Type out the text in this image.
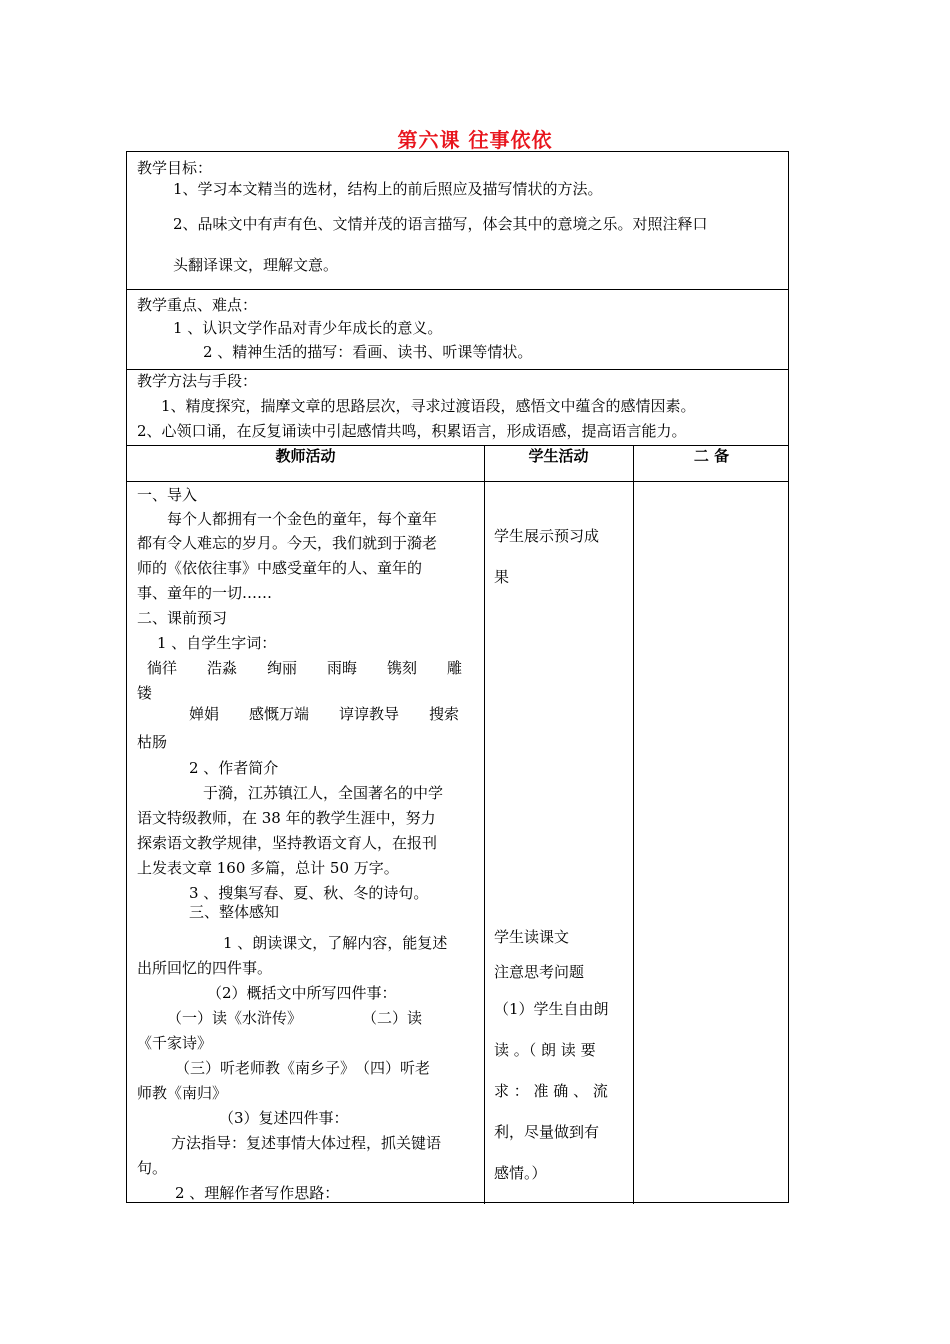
第六课 往事依依
教学目标：
1、学习本文精当的选材，结构上的前后照应及描写情状的方法。
2、品味文中有声有色、文情并茂的语言描写，体会其中的意境之乐。对照注释口
头翻译课文，理解文意。
教学重点、难点：
1 、认识文学作品对青少年成长的意义。
2 、精神生活的描写：看画、读书、听课等情状。
教学方法与手段：
1、精度探究，揣摩文章的思路层次，寻求过渡语段，感悟文中蕴含的感情因素。
2、心领口诵，在反复诵读中引起感情共鸣，积累语言，形成语感，提高语言能力。
教师活动	学生活动	二 备
一、导入
每个人都拥有一个金色的童年，每个童年
都有令人难忘的岁月。今天，我们就到于漪老
师的《依依往事》中感受童年的人、童年的
事、童年的一切……
二、课前预习
1 、自学生字词：
徜徉　　浩淼　　绚丽　　雨晦　　镌刻　　雕
镂
婵娟　　感慨万端　　谆谆教导　　搜索
枯肠
2 、作者简介
于漪，江苏镇江人，全国著名的中学
语文特级教师，在 38 年的教学生涯中，努力
探索语文教学规律，坚持教语文育人，在报刊
上发表文章 160 多篇，总计 50 万字。
3 、搜集写春、夏、秋、冬的诗句。
三、整体感知
1 、朗读课文，了解内容，能复述
出所回忆的四件事。
（2）概括文中所写四件事：
（一）读《水浒传》　　　　　（二）读
《千家诗》
（三）听老师教《南乡子》　（四）听老
师教《南归》
（3）复述四件事：
方法指导：复述事情大体过程，抓关键语
句。
2 、理解作者写作思路：
学生展示预习成
果
学生读课文
注意思考问题
（1）学生自由朗
读 。（ 朗 读 要
求 ： 准 确 、 流
利，尽量做到有
感情。）
